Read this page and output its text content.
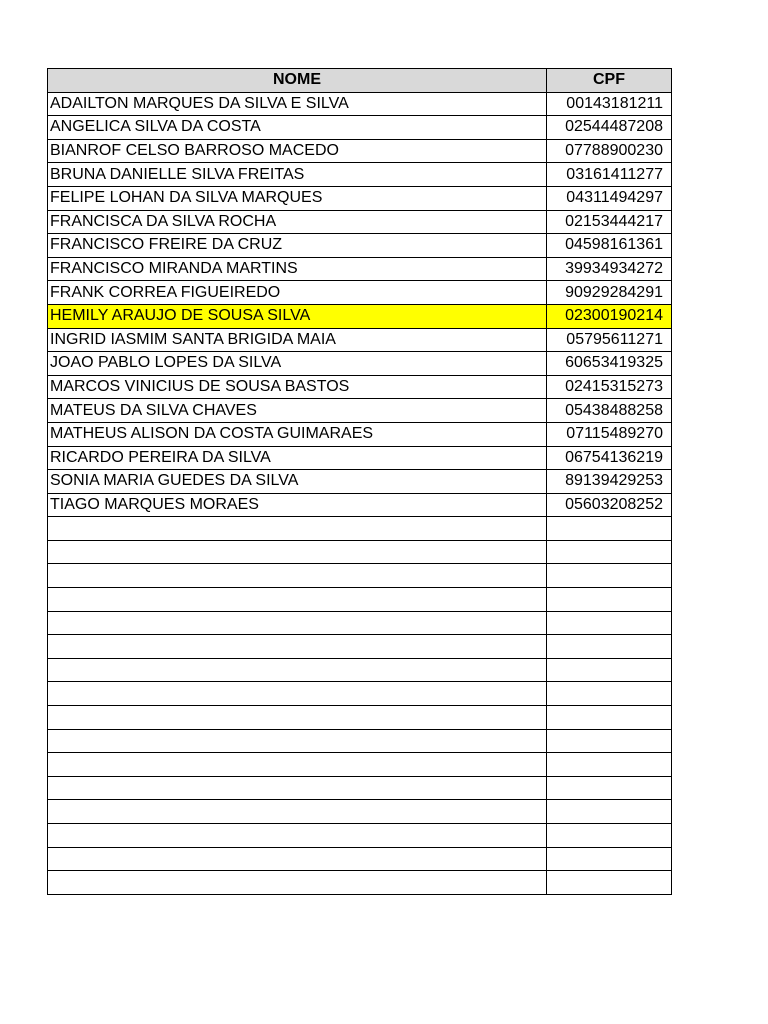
NOME	CPF
ADAILTON MARQUES DA SILVA E SILVA	00143181211
ANGELICA SILVA DA COSTA	02544487208
BIANROF CELSO BARROSO MACEDO	07788900230
BRUNA DANIELLE SILVA FREITAS	03161411277
FELIPE LOHAN DA SILVA MARQUES	04311494297
FRANCISCA DA SILVA ROCHA	02153444217
FRANCISCO FREIRE DA CRUZ	04598161361
FRANCISCO MIRANDA MARTINS	39934934272
FRANK CORREA FIGUEIREDO	90929284291
HEMILY ARAUJO DE SOUSA SILVA	02300190214
INGRID IASMIM SANTA BRIGIDA MAIA	05795611271
JOAO PABLO LOPES DA SILVA	60653419325
MARCOS VINICIUS DE SOUSA BASTOS	02415315273
MATEUS DA SILVA CHAVES	05438488258
MATHEUS ALISON DA COSTA GUIMARAES	07115489270
RICARDO PEREIRA DA SILVA	06754136219
SONIA MARIA GUEDES DA SILVA	89139429253
TIAGO MARQUES MORAES	05603208252
